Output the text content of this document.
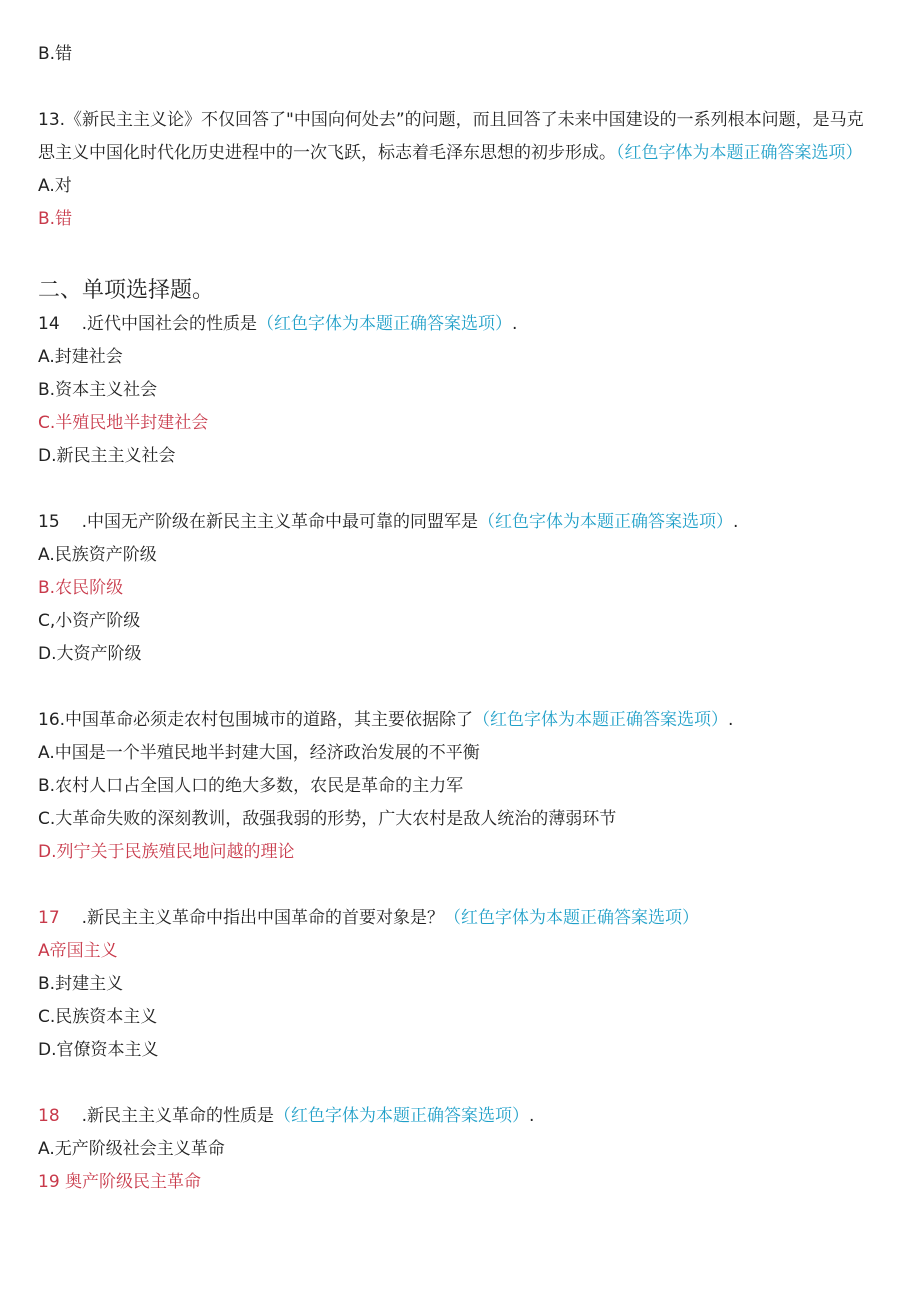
B.错
13.《新民主主义论》不仅回答了"中国向何处去”的问题，而且回答了未来中国建设的一系列根本问题，是马克思主义中国化时代化历史进程中的一次飞跃，标志着毛泽东思想的初步形成。（红色字体为本题正确答案选项）
A.对
B.错
二、单项选择题。
14 .近代中国社会的性质是（红色字体为本题正确答案选项）.
A.封建社会
B.资本主义社会
C.半殖民地半封建社会
D.新民主主义社会
15 .中国无产阶级在新民主主义革命中最可靠的同盟军是（红色字体为本题正确答案选项）.
A.民族资产阶级
B.农民阶级
C,小资产阶级
D.大资产阶级
16.中国革命必须走农村包围城市的道路，其主要依据除了（红色字体为本题正确答案选项）.
A.中国是一个半殖民地半封建大国，经济政治发展的不平衡
B.农村人口占全国人口的绝大多数，农民是革命的主力军
C.大革命失败的深刻教训，敌强我弱的形势，广大农村是敌人统治的薄弱环节
D.列宁关于民族殖民地问越的理论
17 .新民主主义革命中指出中国革命的首要对象是？（红色字体为本题正确答案选项）
A帝国主义
B.封建主义
C.民族资本主义
D.官僚资本主义
18 .新民主主义革命的性质是（红色字体为本题正确答案选项）.
A.无产阶级社会主义革命
19 奥产阶级民主革命
